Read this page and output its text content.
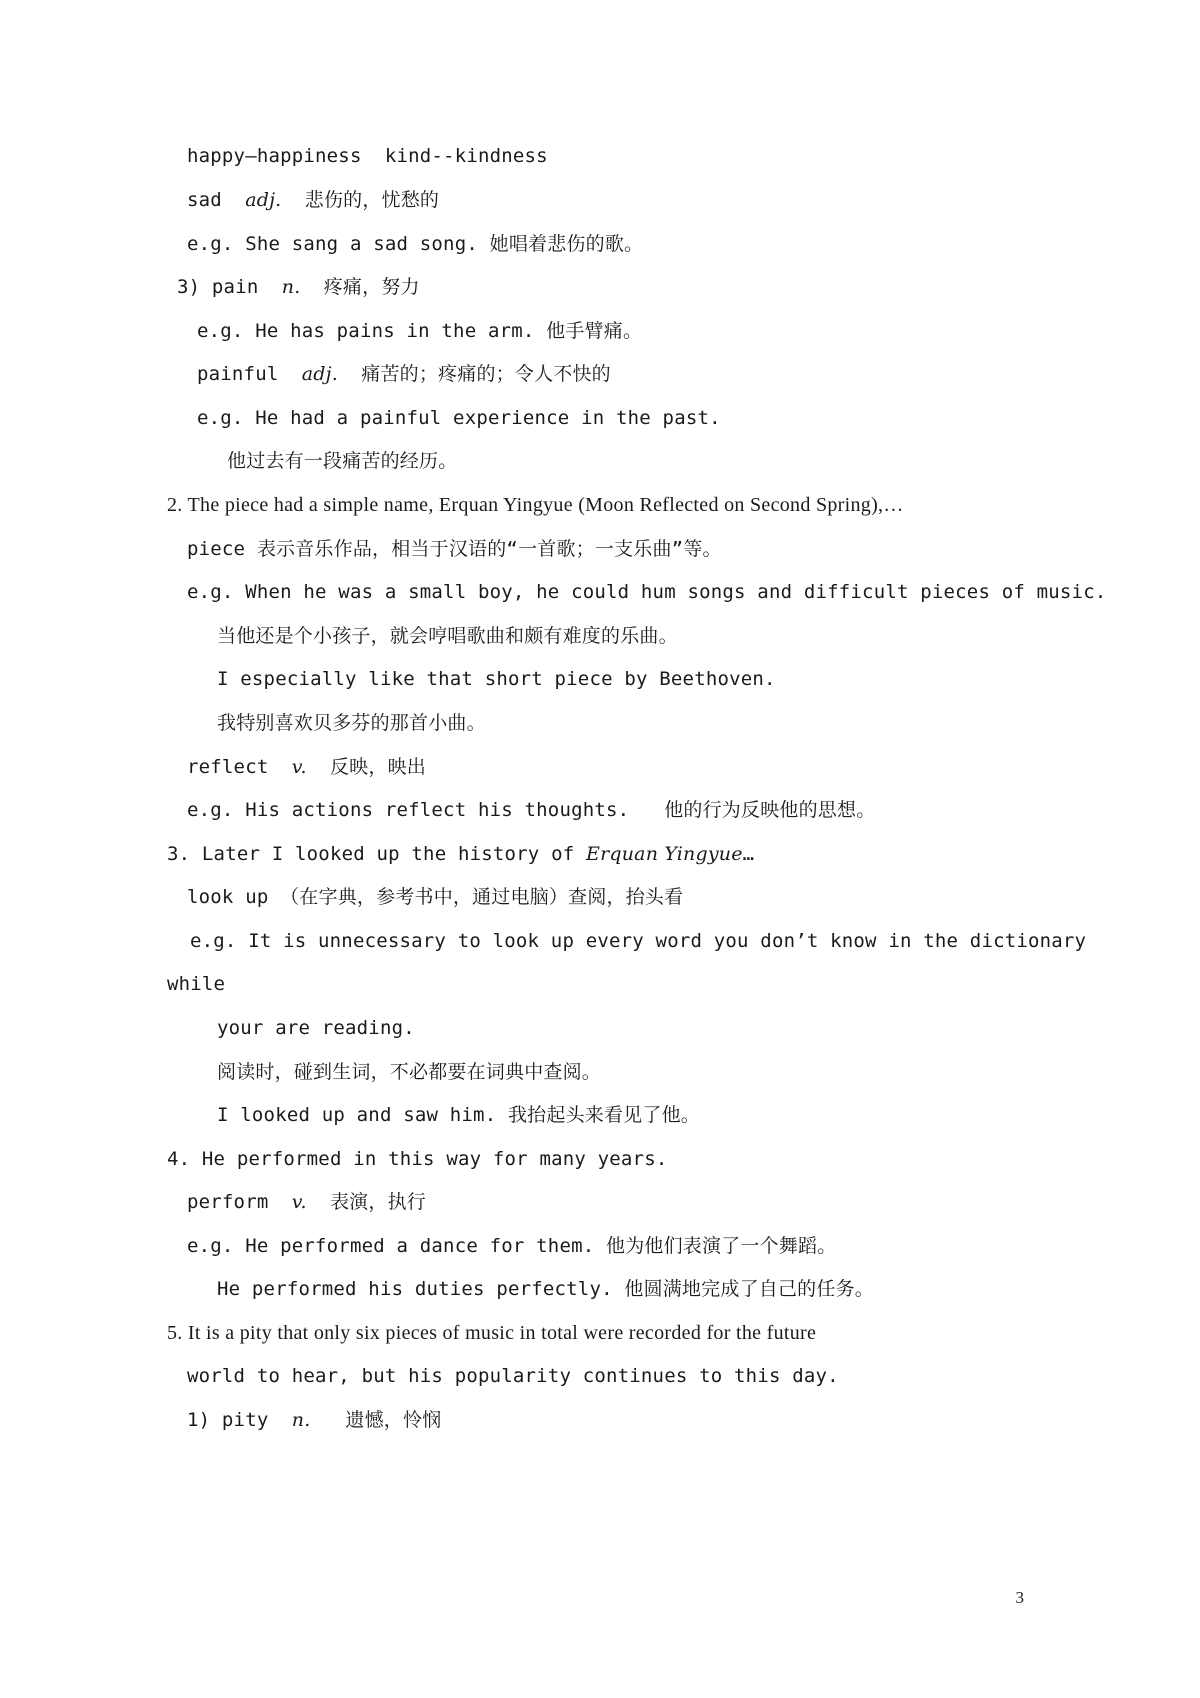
happy—happiness  kind--kindness
sad  adj.  悲伤的，忧愁的
e.g. She sang a sad song. 她唱着悲伤的歌。
3) pain  n.  疼痛，努力
e.g. He has pains in the arm. 他手臂痛。
painful  adj.  痛苦的；疼痛的；令人不快的
e.g. He had a painful experience in the past.
他过去有一段痛苦的经历。
2. The piece had a simple name, Erquan Yingyue (Moon Reflected on Second Spring),…
piece 表示音乐作品，相当于汉语的“一首歌；一支乐曲”等。
e.g. When he was a small boy, he could hum songs and difficult pieces of music.
当他还是个小孩子，就会哼唱歌曲和颇有难度的乐曲。
I especially like that short piece by Beethoven.
我特别喜欢贝多芬的那首小曲。
reflect  v.  反映，映出
e.g. His actions reflect his thoughts.   他的行为反映他的思想。
3. Later I looked up the history of Erquan Yingyue…
look up （在字典，参考书中，通过电脑）查阅，抬头看
e.g. It is unnecessary to look up every word you don’t know in the dictionary
while
your are reading.
阅读时，碰到生词，不必都要在词典中查阅。
I looked up and saw him. 我抬起头来看见了他。
4. He performed in this way for many years.
perform  v.  表演，执行
e.g. He performed a dance for them. 他为他们表演了一个舞蹈。
He performed his duties perfectly. 他圆满地完成了自己的任务。
5. It is a pity that only six pieces of music in total were recorded for the future
world to hear, but his popularity continues to this day.
1) pity  n.   遗憾，怜悯
3
